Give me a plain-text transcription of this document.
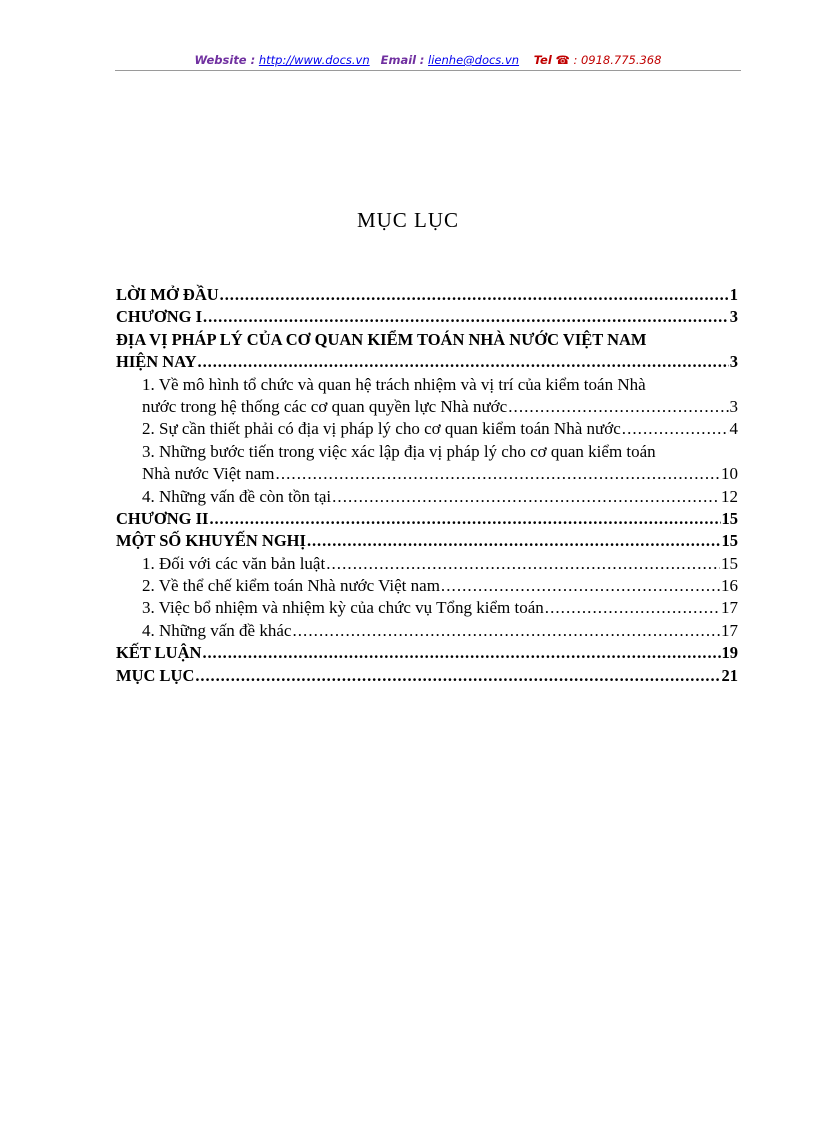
Website : http://www.docs.vn Email : lienhe@docs.vn Tel ☎ : 0918.775.368
MỤC LỤC
LỜI MỞ ĐẦU . . .	1
CHƯƠNG I . . .	3
ĐỊA VỊ PHÁP LÝ CỦA CƠ QUAN KIỂM TOÁN NHÀ NƯỚC VIỆT NAM
HIỆN NAY . . .	3
1. Về mô hình tổ chức và quan hệ trách nhiệm và vị trí của kiểm toán Nhà
nước trong hệ thống các cơ quan quyền lực Nhà nước . . .	3
2. Sự cần thiết phải có địa vị pháp lý cho cơ quan kiểm toán Nhà nước . . .	4
3. Những bước tiến trong việc xác lập địa vị pháp lý cho cơ quan kiểm toán
Nhà nước Việt nam . . .	10
4. Những vấn đề còn tồn tại . . .	12
CHƯƠNG II . . .	15
MỘT SỐ KHUYẾN NGHỊ . . .	15
1. Đối với các văn bản luật . . .	15
2. Về thể chế kiểm toán Nhà nước Việt nam . . .	16
3. Việc bổ nhiệm và nhiệm kỳ của chức vụ Tổng kiểm toán . . .	17
4. Những vấn đề khác . . .	17
KẾT LUẬN . . .	19
MỤC LỤC . . .	21
